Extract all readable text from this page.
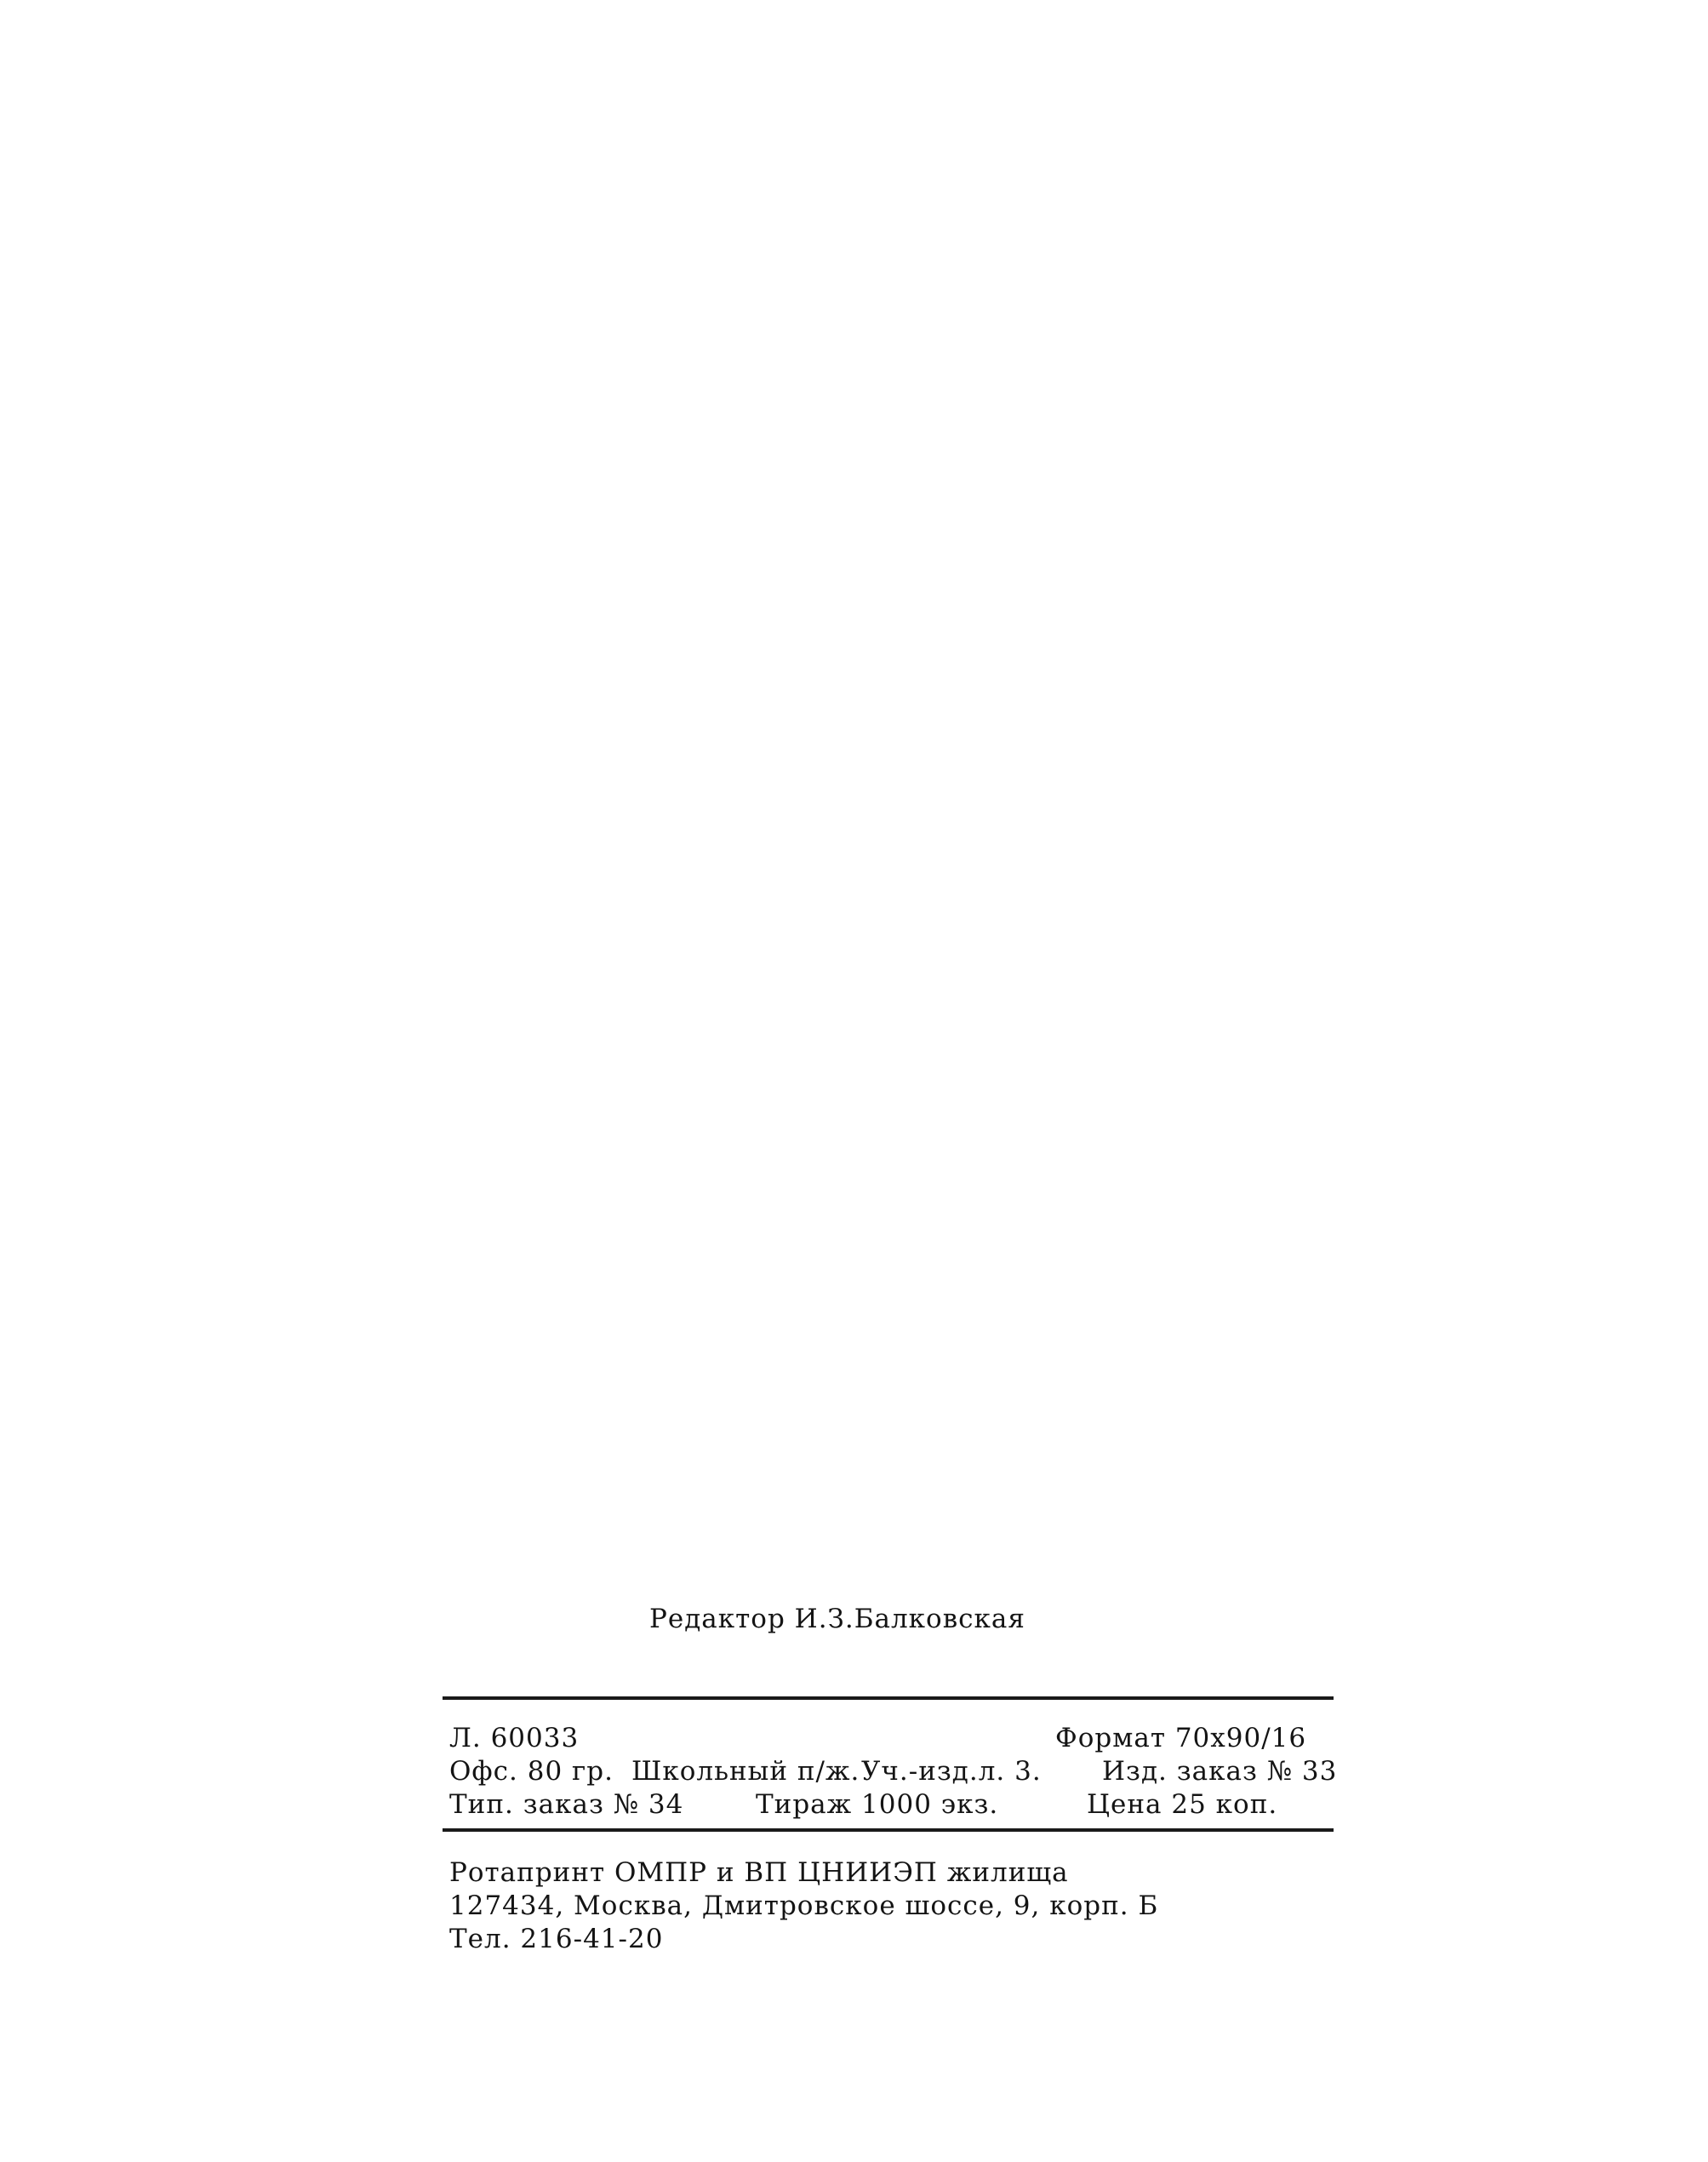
Редактор И.З.Балковская
Л. 60033	Формат 70x90/16
Офс. 80 гр. Школьный п/ж. Уч.-изд.л. 3. Изд. заказ № 33
Тип. заказ № 34	Тираж 1000 экз.	Цена 25 коп.
Ротапринт ОМПР и ВП ЦНИИЭП жилища
127434, Москва, Дмитровское шоссе, 9, корп. Б
Тел. 216-41-20
